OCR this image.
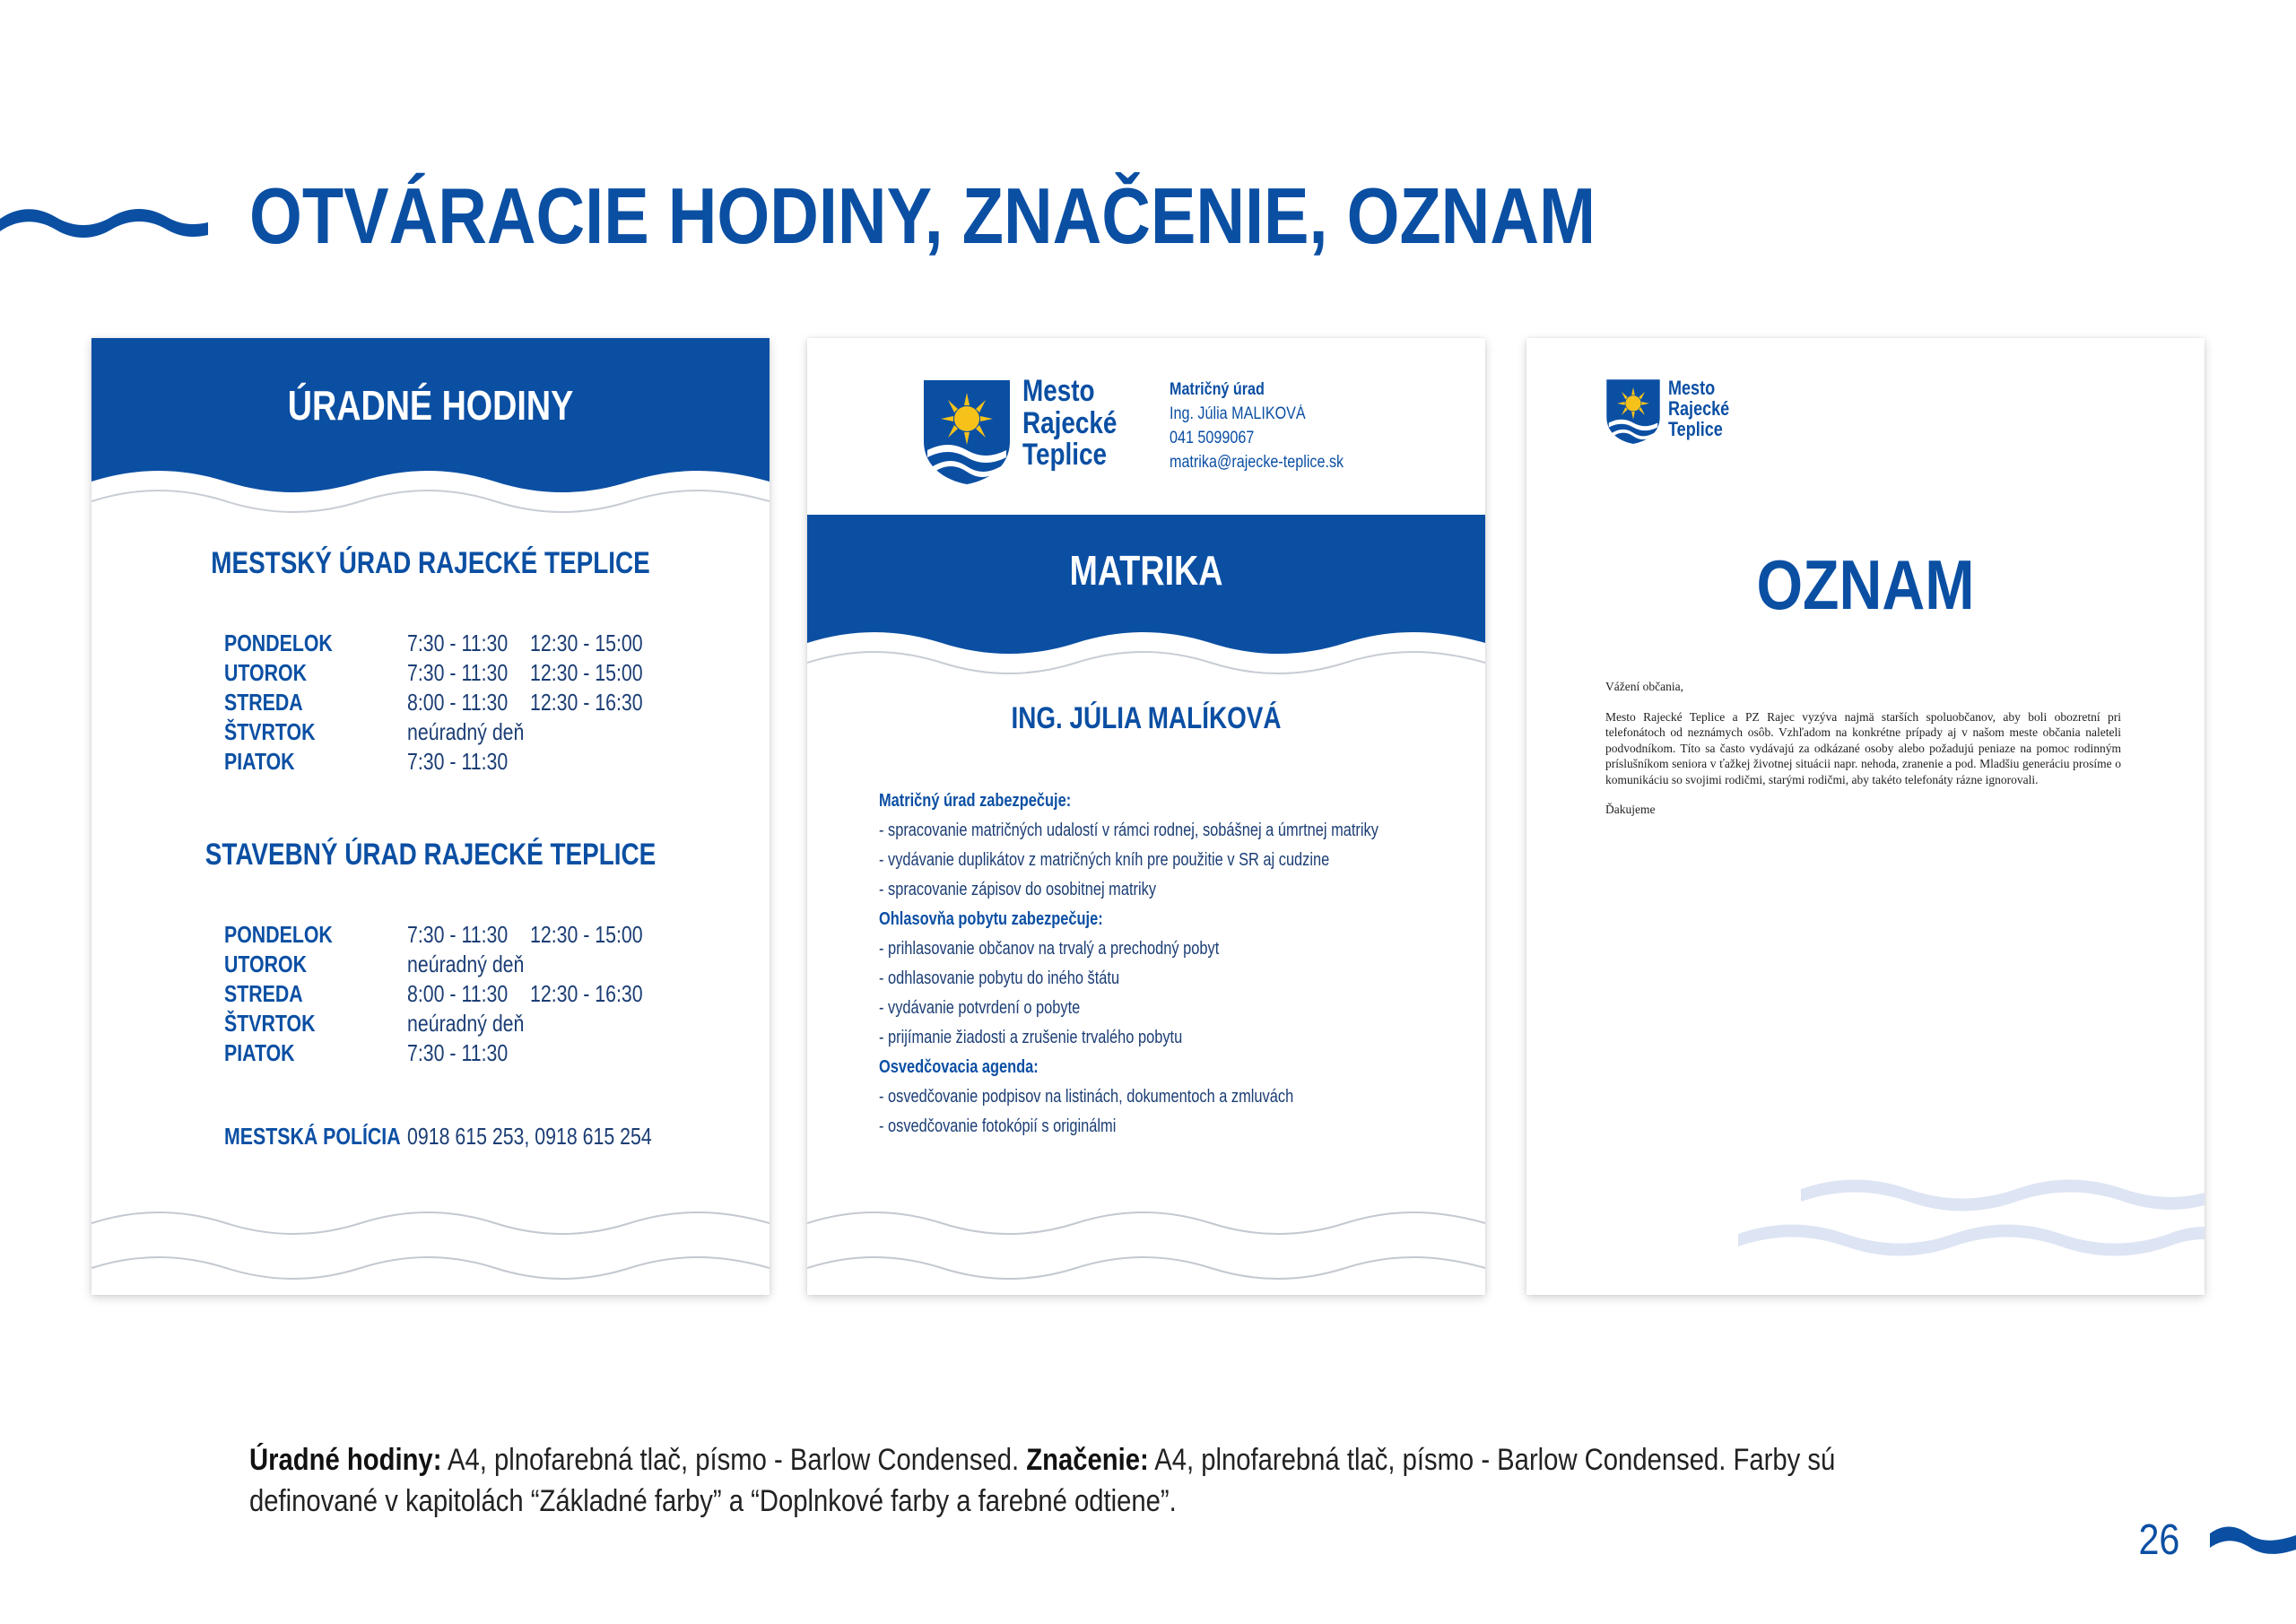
OTVÁRACIE HODINY, ZNAČENIE, OZNAM
ÚRADNÉ HODINY
MESTSKÝ ÚRAD RAJECKÉ TEPLICE
PONDELOK	7:30 - 11:30 12:30 - 15:00
UTOROK	7:30 - 11:30 12:30 - 15:00
STREDA	8:00 - 11:30 12:30 - 16:30
ŠTVRTOK	neúradný deň
PIATOK	7:30 - 11:30
STAVEBNÝ ÚRAD RAJECKÉ TEPLICE
PONDELOK	7:30 - 11:30 12:30 - 15:00
UTOROK	neúradný deň
STREDA	8:00 - 11:30 12:30 - 16:30
ŠTVRTOK	neúradný deň
PIATOK	7:30 - 11:30
MESTSKÁ POLÍCIA 0918 615 253, 0918 615 254
Mesto
Rajecké
Teplice
Matričný úrad
Ing. Júlia MALIKOVÁ
041 5099067
matrika@rajecke-teplice.sk
MATRIKA
ING. JÚLIA MALÍKOVÁ
Matričný úrad zabezpečuje:
- spracovanie matričných udalostí v rámci rodnej, sobášnej a úmrtnej matriky
- vydávanie duplikátov z matričných kníh pre použitie v SR aj cudzine
- spracovanie zápisov do osobitnej matriky
Ohlasovňa pobytu zabezpečuje:
- prihlasovanie občanov na trvalý a prechodný pobyt
- odhlasovanie pobytu do iného štátu
- vydávanie potvrdení o pobyte
- prijímanie žiadosti a zrušenie trvalého pobytu
Osvedčovacia agenda:
- osvedčovanie podpisov na listinách, dokumentoch a zmluvách
- osvedčovanie fotokópií s originálmi
Mesto
Rajecké
Teplice
OZNAM

Vážení občania,

Mesto Rajecké Teplice a PZ Rajec vyzýva najmä starších spoluobčanov, aby boli obozretní pri telefonátoch od neznámych osôb. Vzhľadom na konkrétne prípady aj v našom meste občania naleteli podvodníkom. Títo sa často vydávajú za odkázané osoby alebo požadujú peniaze na pomoc rodinným príslušníkom seniora v ťažkej životnej situácii napr. nehoda, zranenie a pod. Mladšiu generáciu prosíme o komunikáciu so svojimi rodičmi, starými rodičmi, aby takéto telefonáty rázne ignorovali.

Ďakujeme

Úradné hodiny: A4, plnofarebná tlač, písmo - Barlow Condensed. Značenie: A4, plnofarebná tlač, písmo - Barlow Condensed. Farby sú definované v kapitolách “Základné farby” a “Doplnkové farby a farebné odtiene”.
26
